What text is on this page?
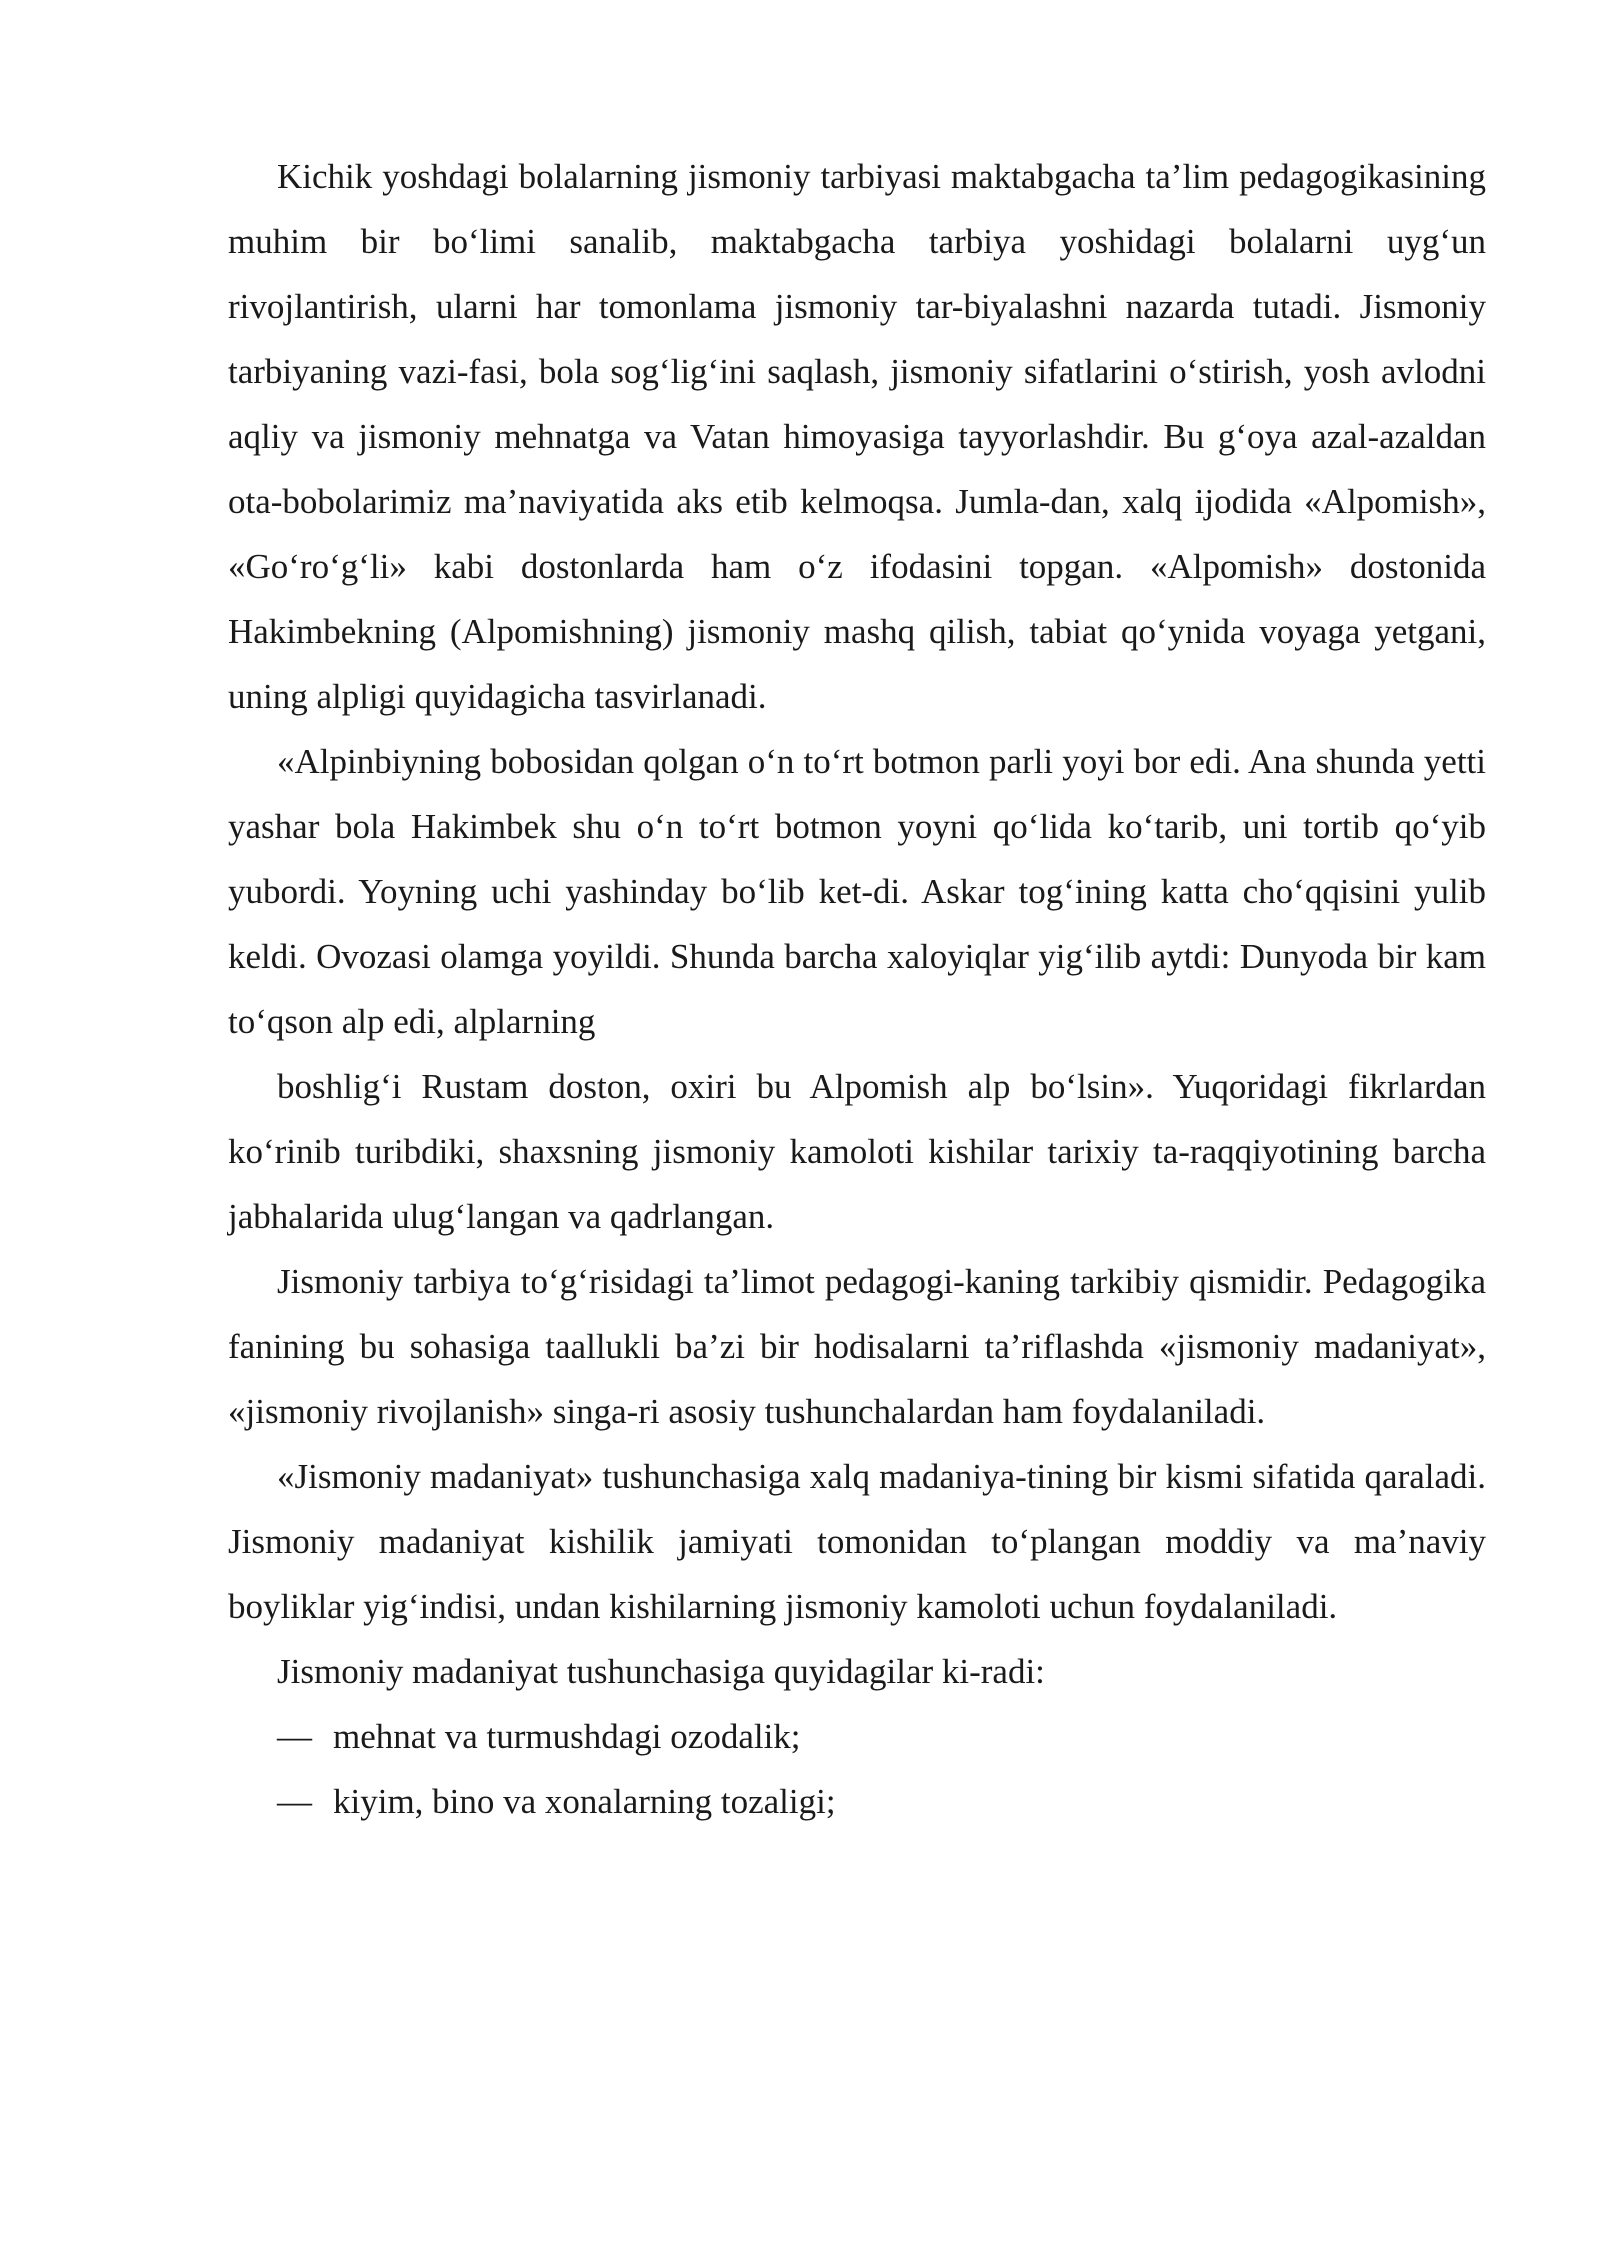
Kichik yoshdagi bolalarning jismoniy tarbiyasi maktabgacha ta’lim pedagogikasining muhim bir bo‘limi sanalib, maktabgacha tarbiya yoshidagi bolalarni uyg‘un rivojlantirish, ularni har tomonlama jismoniy tar-biyalashni nazarda tutadi. Jismoniy tarbiyaning vazi-fasi, bola sog‘lig‘ini saqlash, jismoniy sifatlarini o‘stirish, yosh avlodni aqliy va jismoniy mehnatga va Vatan himoyasiga tayyorlashdir. Bu g‘oya azal-azaldan ota-bobolarimiz ma’naviyatida aks etib kelmoqsa. Jumla-dan, xalq ijodida «Alpomish», «Go‘ro‘g‘li» kabi dostonlarda ham o‘z ifodasini topgan. «Alpomish» dostonida Hakimbekning (Alpomishning) jismoniy mashq qilish, tabiat qo‘ynida voyaga yetgani, uning alpligi quyidagicha tasvirlanadi.

«Alpinbiyning bobosidan qolgan o‘n to‘rt botmon parli yoyi bor edi. Ana shunda yetti yashar bola Hakimbek shu o‘n to‘rt botmon yoyni qo‘lida ko‘tarib, uni tortib qo‘yib yubordi. Yoyning uchi yashinday bo‘lib ket-di. Askar tog‘ining katta cho‘qqisini yulib keldi. Ovozasi olamga yoyildi. Shunda barcha xaloyiqlar yig‘ilib aytdi: Dunyoda bir kam to‘qson alp edi, alplarning

boshlig‘i Rustam doston, oxiri bu Alpomish alp bo‘lsin». Yuqoridagi fikrlardan ko‘rinib turibdiki, shaxsning jismoniy kamoloti kishilar tarixiy ta-raqqiyotining barcha jabhalarida ulug‘langan va qadrlangan.

Jismoniy tarbiya to‘g‘risidagi ta’limot pedagogi-kaning tarkibiy qismidir. Pedagogika fanining bu sohasiga taallukli ba’zi bir hodisalarni ta’riflashda «jismoniy madaniyat», «jismoniy rivojlanish» singa-ri asosiy tushunchalardan ham foydalaniladi.

«Jismoniy madaniyat» tushunchasiga xalq madaniya-tining bir kismi sifatida qaraladi. Jismoniy madaniyat kishilik jamiyati tomonidan to‘plangan moddiy va ma’naviy boyliklar yig‘indisi, undan kishilarning jismoniy kamoloti uchun foydalaniladi.

Jismoniy madaniyat tushunchasiga quyidagilar ki-radi:

— mehnat va turmushdagi ozodalik;
— kiyim, bino va xonalarning tozaligi;
